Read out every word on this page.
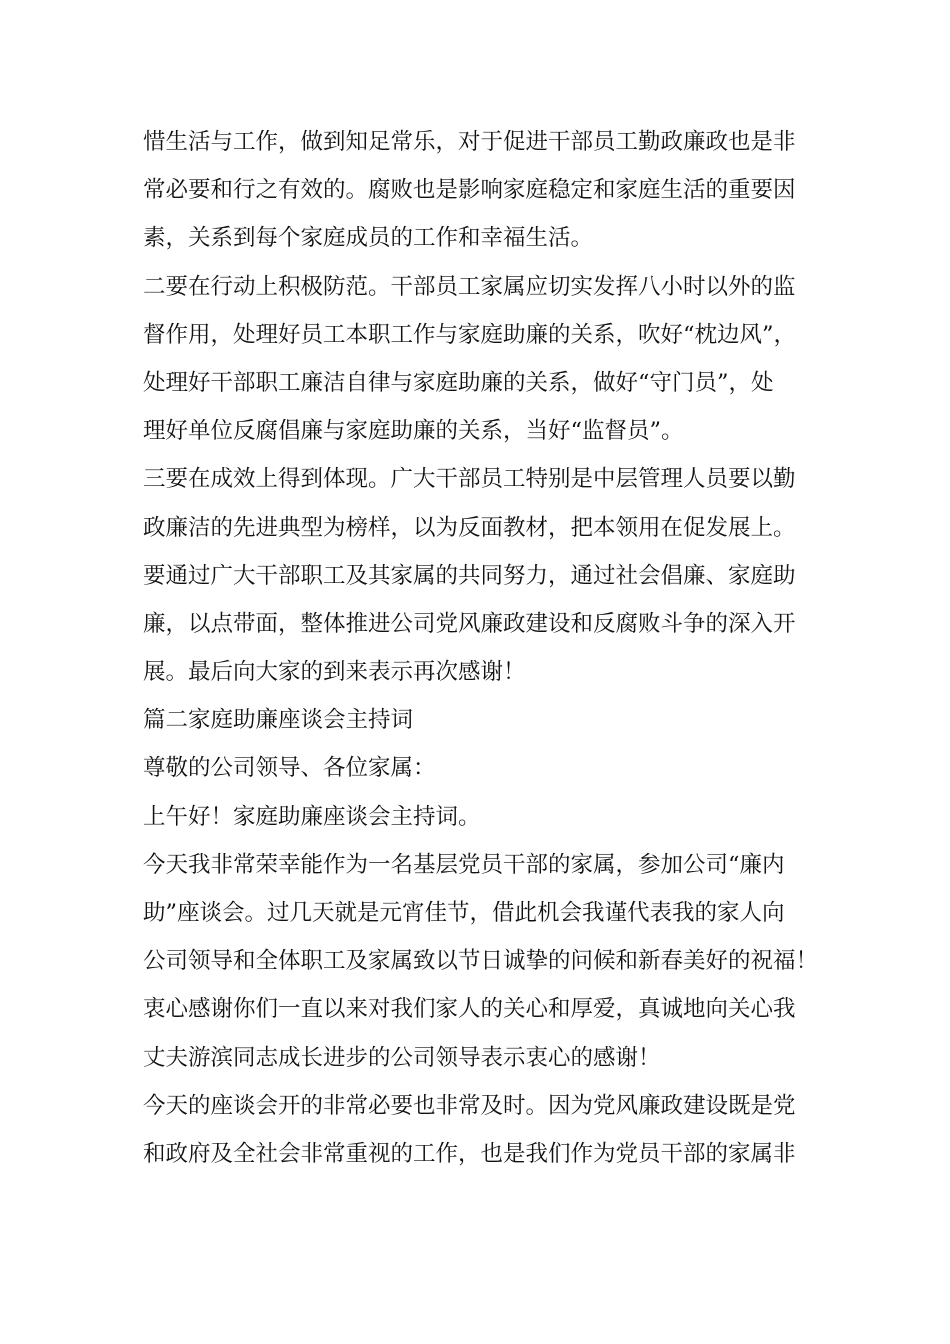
惜生活与工作，做到知足常乐，对于促进干部员工勤政廉政也是非
常必要和行之有效的。腐败也是影响家庭稳定和家庭生活的重要因
素，关系到每个家庭成员的工作和幸福生活。
二要在行动上积极防范。干部员工家属应切实发挥八小时以外的监
督作用，处理好员工本职工作与家庭助廉的关系，吹好“枕边风”，
处理好干部职工廉洁自律与家庭助廉的关系，做好“守门员”，处
理好单位反腐倡廉与家庭助廉的关系，当好“监督员”。
三要在成效上得到体现。广大干部员工特别是中层管理人员要以勤
政廉洁的先进典型为榜样，以为反面教材，把本领用在促发展上。
要通过广大干部职工及其家属的共同努力，通过社会倡廉、家庭助
廉，以点带面，整体推进公司党风廉政建设和反腐败斗争的深入开
展。最后向大家的到来表示再次感谢！
篇二家庭助廉座谈会主持词
尊敬的公司领导、各位家属：
上午好！家庭助廉座谈会主持词。
今天我非常荣幸能作为一名基层党员干部的家属，参加公司“廉内
助”座谈会。过几天就是元宵佳节，借此机会我谨代表我的家人向
公司领导和全体职工及家属致以节日诚挚的问候和新春美好的祝福！
衷心感谢你们一直以来对我们家人的关心和厚爱，真诚地向关心我
丈夫游滨同志成长进步的公司领导表示衷心的感谢！
今天的座谈会开的非常必要也非常及时。因为党风廉政建设既是党
和政府及全社会非常重视的工作，也是我们作为党员干部的家属非
